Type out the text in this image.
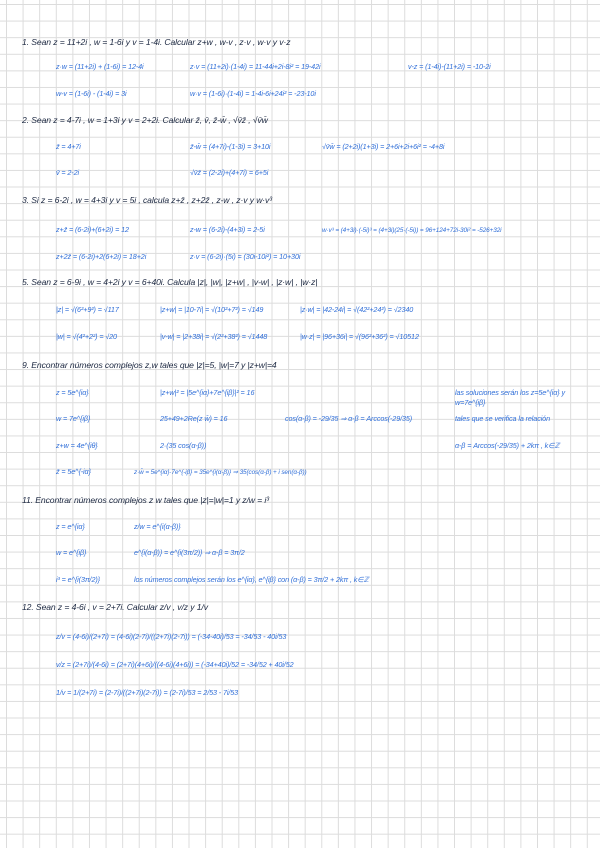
1. Sean z = 11+2i , w = 1-6i y v = 1-4i. Calcular z+w , w-v , z·v , w·v y v·z
z·w = (11+2i) + (1-6i) = 12-4i	z·v = (11+2i)·(1-4i) = 11-44i+2i-8i² = 19-42i	v-z = (1-4i)-(11+2i) = -10-2i
w-v = (1-6i) - (1-4i) = 3i	w·v = (1-6i)·(1-4i) = 1-4i-6i+24i² = -23-10i
2. Sean z = 4-7i , w = 1+3i y v = 2+2i. Calcular z̄, v̄, z̄-w̄ , √v̄z̄ , √v̄w̄
z̄ = 4+7i	z̄-w̄ = (4+7i)-(1-3i) = 3+10i	√v̄w̄ = (2+2i)(1+3i) = 2+6i+2i+6i² = -4+8i
v̄ = 2-2i	√v̄z̄ = (2-2i)+(4+7i) = 6+5i
3. Si z = 6-2i , w = 4+3i y v = 5i , calcula z+z̄ , z+2z̄ , z-w , z·v y w·v³
z+z̄ = (6-2i)+(6+2i) = 12	z-w = (6-2i)-(4+3i) = 2-5i	w·v³ = (4+3i)·(-5i)³ = (4+3i)(25·(-5i)) = 96+124+72i-30i² = -526+32i
z+2z̄ = (6-2i)+2(6+2i) = 18+2i	z·v = (6-2i)·(5i) = (30i-10i²) = 10+30i
5. Sean z = 6-9i , w = 4+2i y v = 6+40i. Calcula |z|, |w|, |z+w| , |v-w| , |z·w| , |w·z|
|z| = √(6²+9²) = √117	|z+w| = |10-7i| = √(10²+7²) = √149	|z·w| = |42-24i| = √(42²+24²) = √2340
|w| = √(4²+2²) = √20	|v-w| = |2+38i| = √(2²+38²) = √1448	|w·z| = |96+36i| = √(96²+36²) = √10512
9. Encontrar números complejos z,w tales que |z|=5, |w|=7 y |z+w|=4
z = 5e^{iα}	|z+w|² = |5e^{iα}+7e^{iβ}|² = 16	las soluciones serán los z=5e^{iα} y w=7e^{iβ}
w = 7e^{iβ}	25+49+2Re(z w̄) = 16	cos(α-β) = -29/35 ⇒ α-β = Arccos(-29/35)	tales que se verifica la relación
z+w = 4e^{iθ}	2·(35 cos(α-β))	α-β = Arccos(-29/35) + 2kπ , k∈ℤ
z̄ = 5e^{-iα}	z·w̄ = 5e^{iα}·7e^{-iβ} = 35e^{i(α-β)} ⇒ 35(cos(α-β) + i sen(α-β))
11. Encontrar números complejos z w tales que |z|=|w|=1 y z/w = i³
z = e^{iα}	z/w = e^{i(α-β)}
w = e^{iβ}	e^{i(α-β)} = e^{i(3π/2)} ⇒ α-β = 3π/2
i³ = e^{i(3π/2)}	los números complejos serán los e^{iα}, e^{iβ} con (α-β) = 3π/2 + 2kπ , k∈ℤ
12. Sean z = 4-6i , v = 2+7i. Calcular z/v , v/z y 1/v
z/v = (4-6i)/(2+7i) = (4-6i)(2-7i)/((2+7i)(2-7i)) = (-34-40i)/53 = -34/53 - 40i/53
v/z = (2+7i)/(4-6i) = (2+7i)(4+6i)/((4-6i)(4+6i)) = (-34+40i)/52 = -34/52 + 40i/52
1/v = 1/(2+7i) = (2-7i)/((2+7i)(2-7i)) = (2-7i)/53 = 2/53 - 7i/53
